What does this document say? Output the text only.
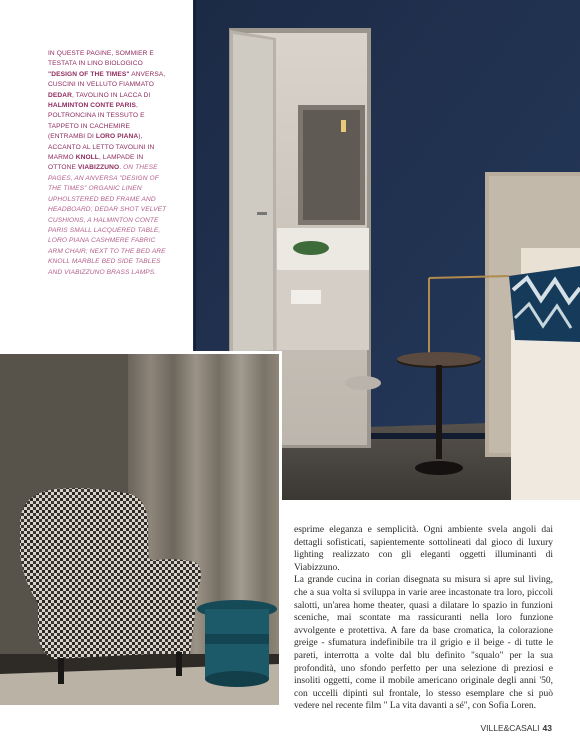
IN QUESTE PAGINE, SOMMIER E TESTATA IN LINO BIOLOGICO "DESIGN OF THE TIMES" ANVERSA, CUSCINI IN VELLUTO FIAMMATO DEDAR, TAVOLINO IN LACCA DI HALMINTON CONTE PARIS, POLTRONCINA IN TESSUTO E TAPPETO IN CACHEMIRE (ENTRAMBI DI LORO PIANA), ACCANTO AL LETTO TAVOLINI IN MARMO KNOLL, LAMPADE IN OTTONE VIABIZZUNO. ON THESE PAGES, AN ANVERSA "DESIGN OF THE TIMES" ORGANIC LINEN UPHOLSTERED BED FRAME AND HEADBOARD; DEDAR SHOT VELVET CUSHIONS, A HALMINTON CONTE PARIS SMALL LACQUERED TABLE, LORO PIANA CASHMERE FABRIC ARM CHAIR; NEXT TO THE BED ARE KNOLL MARBLE BED SIDE TABLES AND VIABIZZUNO BRASS LAMPS.

esprime eleganza e semplicità. Ogni ambiente svela angoli dai dettagli sofisticati, sapientemente sottolineati dal gioco di luxury lighting realizzato con gli eleganti oggetti illuminanti di Viabizzuno.

La grande cucina in corian disegnata su misura si apre sul living, che a sua volta si sviluppa in varie aree incastonate tra loro, piccoli salotti, un'area home theater, quasi a dilatare lo spazio in funzioni sceniche, mai scontate ma rassicuranti nella loro funzione avvolgente e protettiva. A fare da base cromatica, la colorazione greige - sfumatura indefinibile tra il grigio e il beige - di tutte le pareti, interrotta a volte dal blu definito "squalo" per la sua profondità, uno sfondo perfetto per una selezione di preziosi e insoliti oggetti, come il mobile americano originale degli anni '50, con uccelli dipinti sul frontale, lo stesso esemplare che si può vedere nel recente film " La vita davanti a sé", con Sofia Loren.

VILLE&CASALI 43
